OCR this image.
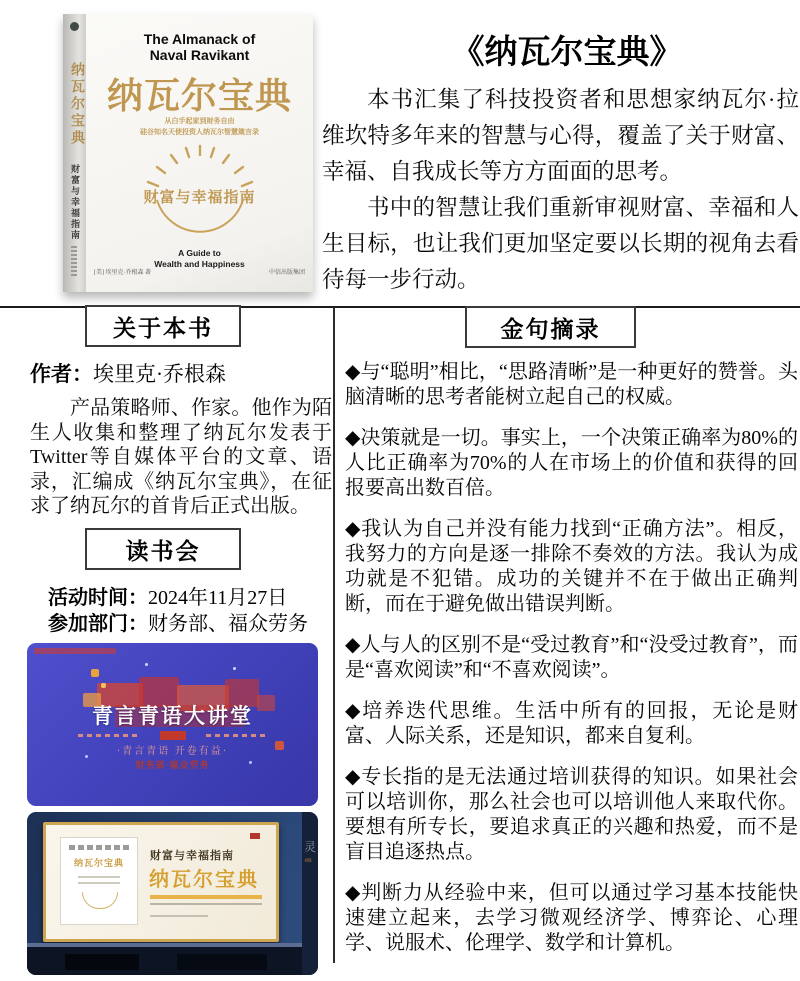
纳瓦尔宝典
财富与幸福指南
The Almanack of
Naval Ravikant
纳瓦尔宝典
从白手起家到财务自由
硅谷知名天使投资人纳瓦尔智慧箴言录
财富与幸福指南
A Guide to
Wealth and Happiness
[美] 埃里克·乔根森 著	中信出版集团
《纳瓦尔宝典》

本书汇集了科技投资者和思想家纳瓦尔·拉维坎特多年来的智慧与心得，覆盖了关于财富、幸福、自我成长等方方面面的思考。

书中的智慧让我们重新审视财富、幸福和人生目标，也让我们更加坚定要以长期的视角去看待每一步行动。

关于本书
作者：埃里克·乔根森

产品策略师、作家。他作为陌生人收集和整理了纳瓦尔发表于Twitter等自媒体平台的文章、语录，汇编成《纳瓦尔宝典》，在征求了纳瓦尔的首肯后正式出版。

读书会
活动时间：2024年11月27日
参加部门：财务部、福众劳务
青言青语大讲堂
·青言青语 开卷有益·
财务部·福众劳务
纳瓦尔宝典
财富与幸福指南
纳瓦尔宝典
灵
en
金句摘录

◆与“聪明”相比，“思路清晰”是一种更好的赞誉。头脑清晰的思考者能树立起自己的权威。

◆决策就是一切。事实上，一个决策正确率为80%的人比正确率为70%的人在市场上的价值和获得的回报要高出数百倍。

◆我认为自己并没有能力找到“正确方法”。相反，我努力的方向是逐一排除不奏效的方法。我认为成功就是不犯错。成功的关键并不在于做出正确判断，而在于避免做出错误判断。

◆人与人的区别不是“受过教育”和“没受过教育”，而是“喜欢阅读”和“不喜欢阅读”。

◆培养迭代思维。生活中所有的回报，无论是财富、人际关系，还是知识，都来自复利。

◆专长指的是无法通过培训获得的知识。如果社会可以培训你，那么社会也可以培训他人来取代你。要想有所专长，要追求真正的兴趣和热爱，而不是盲目追逐热点。

◆判断力从经验中来，但可以通过学习基本技能快速建立起来，去学习微观经济学、博弈论、心理学、说服术、伦理学、数学和计算机。
